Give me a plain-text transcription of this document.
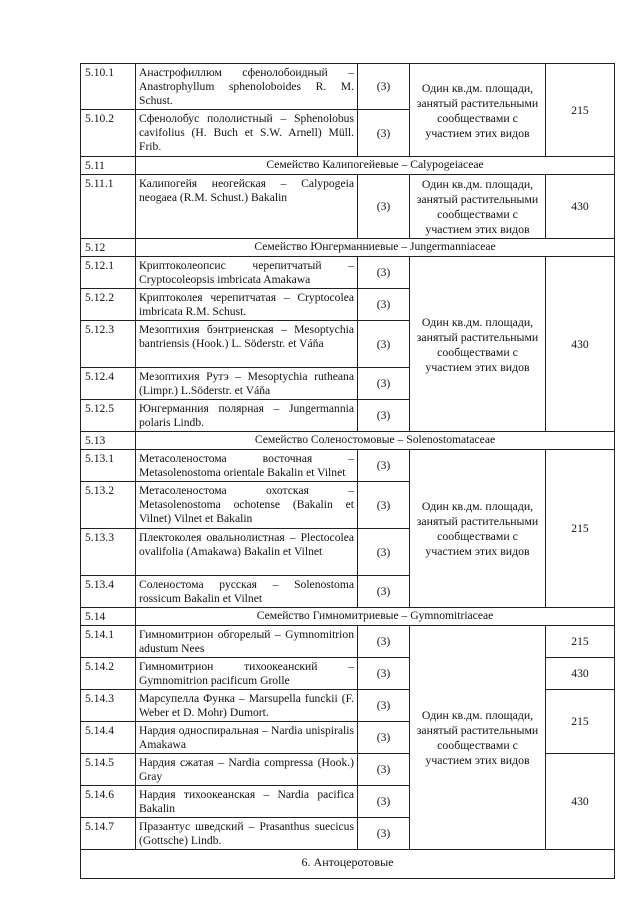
5.10.1	Анастрофиллюм сфенолобоидный – Anastrophyllum sphenoloboides R. M. Schust.	(3)	Один кв.дм. площади, занятый растительными сообществами с участием этих видов	215
5.10.2	Сфенолобус пололистный – Sphenolobus cavifolius (H. Buch et S.W. Arnell) Müll. Frib.	(3)		
5.11	Семейство Калипогейевые – Calypogeiaceae			
5.11.1	Калипогейя неогейская – Calypogeia neogaea (R.M. Schust.) Bakalin	(3)	Один кв.дм. площади, занятый растительными сообществами с участием этих видов	430
5.12	Семейство Юнгерманниевые – Jungermanniaceae			
5.12.1	Криптоколеопсис черепитчатый – Cryptocoleopsis imbricata Amakawa	(3)	Один кв.дм. площади, занятый растительными сообществами с участием этих видов	430
5.12.2	Криптоколея черепитчатая – Cryptocolea imbricata R.M. Schust.	(3)		
5.12.3	Мезоптихия бэнтриенская – Mesoptychia bantriensis (Hook.) L. Söderstr. et Váňa	(3)		
5.12.4	Мезоптихия Рутэ – Mesoptychia rutheana (Limpr.) L.Söderstr. et Váňa	(3)		
5.12.5	Юнгерманния полярная – Jungermannia polaris Lindb.	(3)		
5.13	Семейство Соленостомовые – Solenostomataceae			
5.13.1	Метасоленостома восточная – Metasolenostoma orientale Bakalin et Vilnet	(3)	Один кв.дм. площади, занятый растительными сообществами с участием этих видов	215
5.13.2	Метасоленостома охотская – Metasolenostoma ochotense (Bakalin et Vilnet) Vilnet et Bakalin	(3)		
5.13.3	Плектоколея овальнолистная – Plectocolea ovalifolia (Amakawa) Bakalin et Vilnet	(3)		
5.13.4	Соленостома русская – Solenostoma rossicum Bakalin et Vilnet	(3)		
5.14	Семейство Гимномитриевые – Gymnomitriaceae			
5.14.1	Гимномитрион обгорелый – Gymnomitrion adustum Nees	(3)	Один кв.дм. площади, занятый растительными сообществами с участием этих видов	215
5.14.2	Гимномитрион тихоокеанский – Gymnomitrion pacificum Grolle	(3)		430
5.14.3	Марсупелла Функа – Marsupella funckii (F. Weber et D. Mohr) Dumort.	(3)		215
5.14.4	Нардия односпиральная – Nardia unispiralis Amakawa	(3)		
5.14.5	Нардия сжатая – Nardia compressa (Hook.) Gray	(3)		430
5.14.6	Нардия тихоокеанская – Nardia pacifica Bakalin	(3)		
5.14.7	Празантус шведский – Prasanthus suecicus (Gottsche) Lindb.	(3)		
6. Антоцеротовые				
